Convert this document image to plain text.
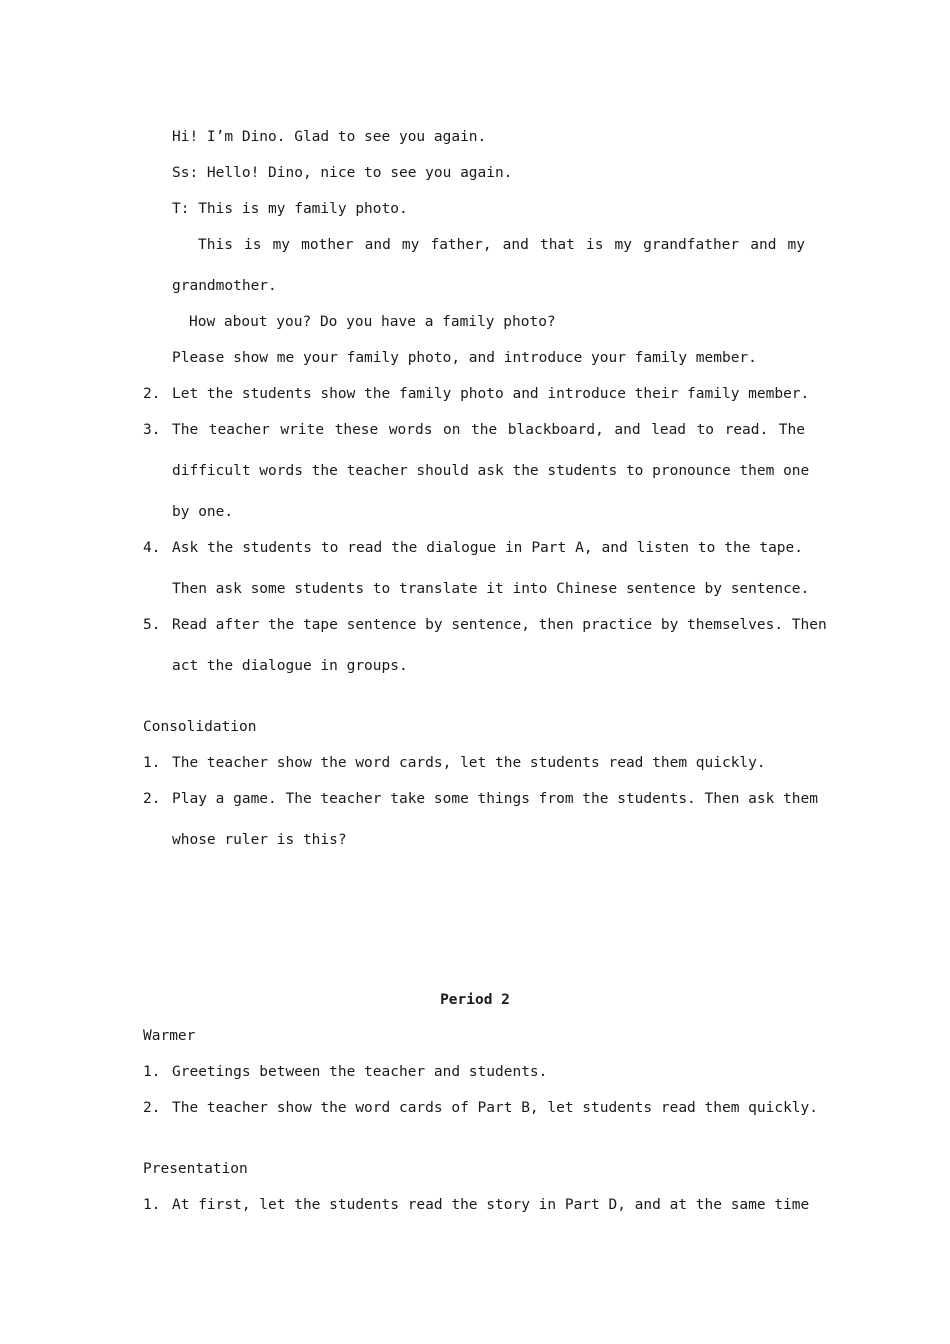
Hi! I’m Dino. Glad to see you again.
Ss: Hello! Dino, nice to see you again.
T: This is my family photo.
This is my mother and my father, and that is my grandfather and my
grandmother.
How about you? Do you have a family photo?
Please show me your family photo, and introduce your family member.
2. Let the students show the family photo and introduce their family member.
3. The teacher write these words on the blackboard, and lead to read. The
difficult words the teacher should ask the students to pronounce them one
by one.
4. Ask the students to read the dialogue in Part A, and listen to the tape.
Then ask some students to translate it into Chinese sentence by sentence.
5. Read after the tape sentence by sentence, then practice by themselves. Then
act the dialogue in groups.
Consolidation
1. The teacher show the word cards, let the students read them quickly.
2. Play a game. The teacher take some things from the students. Then ask them
whose ruler is this?
Period 2
Warmer
1. Greetings between the teacher and students.
2. The teacher show the word cards of Part B, let students read them quickly.
Presentation
1. At first, let the students read the story in Part D, and at the same time
